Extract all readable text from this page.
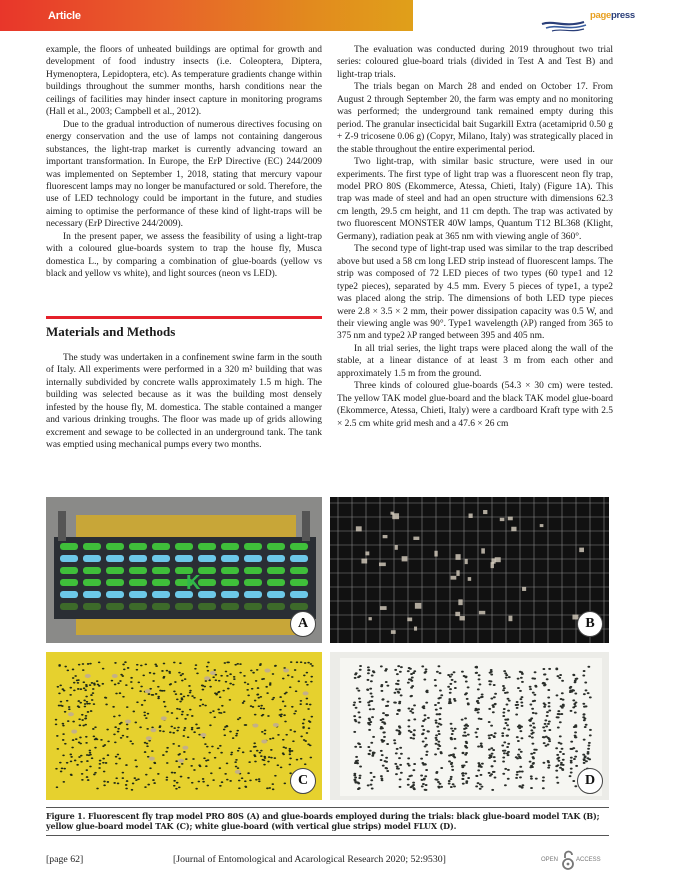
Article	pagepress

example, the floors of unheated buildings are optimal for growth and development of food industry insects (i.e. Coleoptera, Diptera, Hymenoptera, Lepidoptera, etc). As temperature gradients change within buildings throughout the summer months, harsh conditions near the ceilings of facilities may hinder insect capture in monitoring programs (Hall et al., 2003; Campbell et al., 2012).

Due to the gradual introduction of numerous directives focusing on energy conservation and the use of lamps not containing dangerous substances, the light-trap market is currently advancing toward an important transformation. In Europe, the ErP Directive (EC) 244/2009 was implemented on September 1, 2018, stating that mercury vapour fluorescent lamps may no longer be manufactured or sold. Therefore, the use of LED technology could be important in the future, and studies aiming to optimise the performance of these kind of light-traps will be necessary (ErP Directive 244/2009).

In the present paper, we assess the feasibility of using a light-trap with a coloured glue-boards system to trap the house fly, Musca domestica L., by comparing a combination of glue-boards (yellow vs black and yellow vs white), and light sources (neon vs LED).

Materials and Methods

The study was undertaken in a confinement swine farm in the south of Italy. All experiments were performed in a 320 m² building that was internally subdivided by concrete walls approximately 1.5 m high. The building was selected because as it was the building most densely infested by the house fly, M. domestica. The stable contained a manger and various drinking troughs. The floor was made up of grids allowing excrement and sewage to be collected in an underground tank. The tank was emptied using mechanical pumps every two months.

The evaluation was conducted during 2019 throughout two trial series: coloured glue-board trials (divided in Test A and Test B) and light-trap trials.

The trials began on March 28 and ended on October 17. From August 2 through September 20, the farm was empty and no monitoring was performed; the underground tank remained empty during this period. The granular insecticidal bait Sugarkill Extra (acetamiprid 0.50 g + Z-9 tricosene 0.06 g) (Copyr, Milano, Italy) was strategically placed in the stable throughout the entire experimental period.

Two light-trap, with similar basic structure, were used in our experiments. The first type of light trap was a fluorescent neon fly trap, model PRO 80S (Ekommerce, Atessa, Chieti, Italy) (Figure 1A). This trap was made of steel and had an open structure with dimensions 62.3 cm length, 29.5 cm height, and 11 cm depth. The trap was activated by two fluorescent MONSTER 40W lamps, Quantum T12 BL368 (Klight, Germany), radiation peak at 365 nm with viewing angle of 360°.

The second type of light-trap used was similar to the trap described above but used a 58 cm long LED strip instead of fluorescent lamps. The strip was composed of 72 LED pieces of two types (60 type1 and 12 type2 pieces), separated by 4.5 mm. Every 5 pieces of type1, a type2 was placed along the strip. The dimensions of both LED type pieces were 2.8 × 3.5 × 2 mm, their power dissipation capacity was 0.5 W, and their viewing angle was 90°. Type1 wavelength (λP) ranged from 365 to 375 nm and type2 λP ranged between 395 and 405 nm.

In all trial series, the light traps were placed along the wall of the stable, at a linear distance of at least 3 m from each other and approximately 1.5 m from the ground.

Three kinds of coloured glue-boards (54.3 × 30 cm) were tested. The yellow TAK model glue-board and the black TAK model glue-board (Ekommerce, Atessa, Chieti, Italy) were a cardboard Kraft type with 2.5 × 2.5 cm white grid mesh and a 47.6 × 26 cm

K
A	B
C	D
Figure 1. Fluorescent fly trap model PRO 80S (A) and glue-boards employed during the trials: black glue-board model TAK (B); yellow glue-board model TAK (C); white glue-board (with vertical glue strips) model FLUX (D).
[page 62]	[Journal of Entomological and Acarological Research 2020; 52:9530]	OPEN	ACCESS
